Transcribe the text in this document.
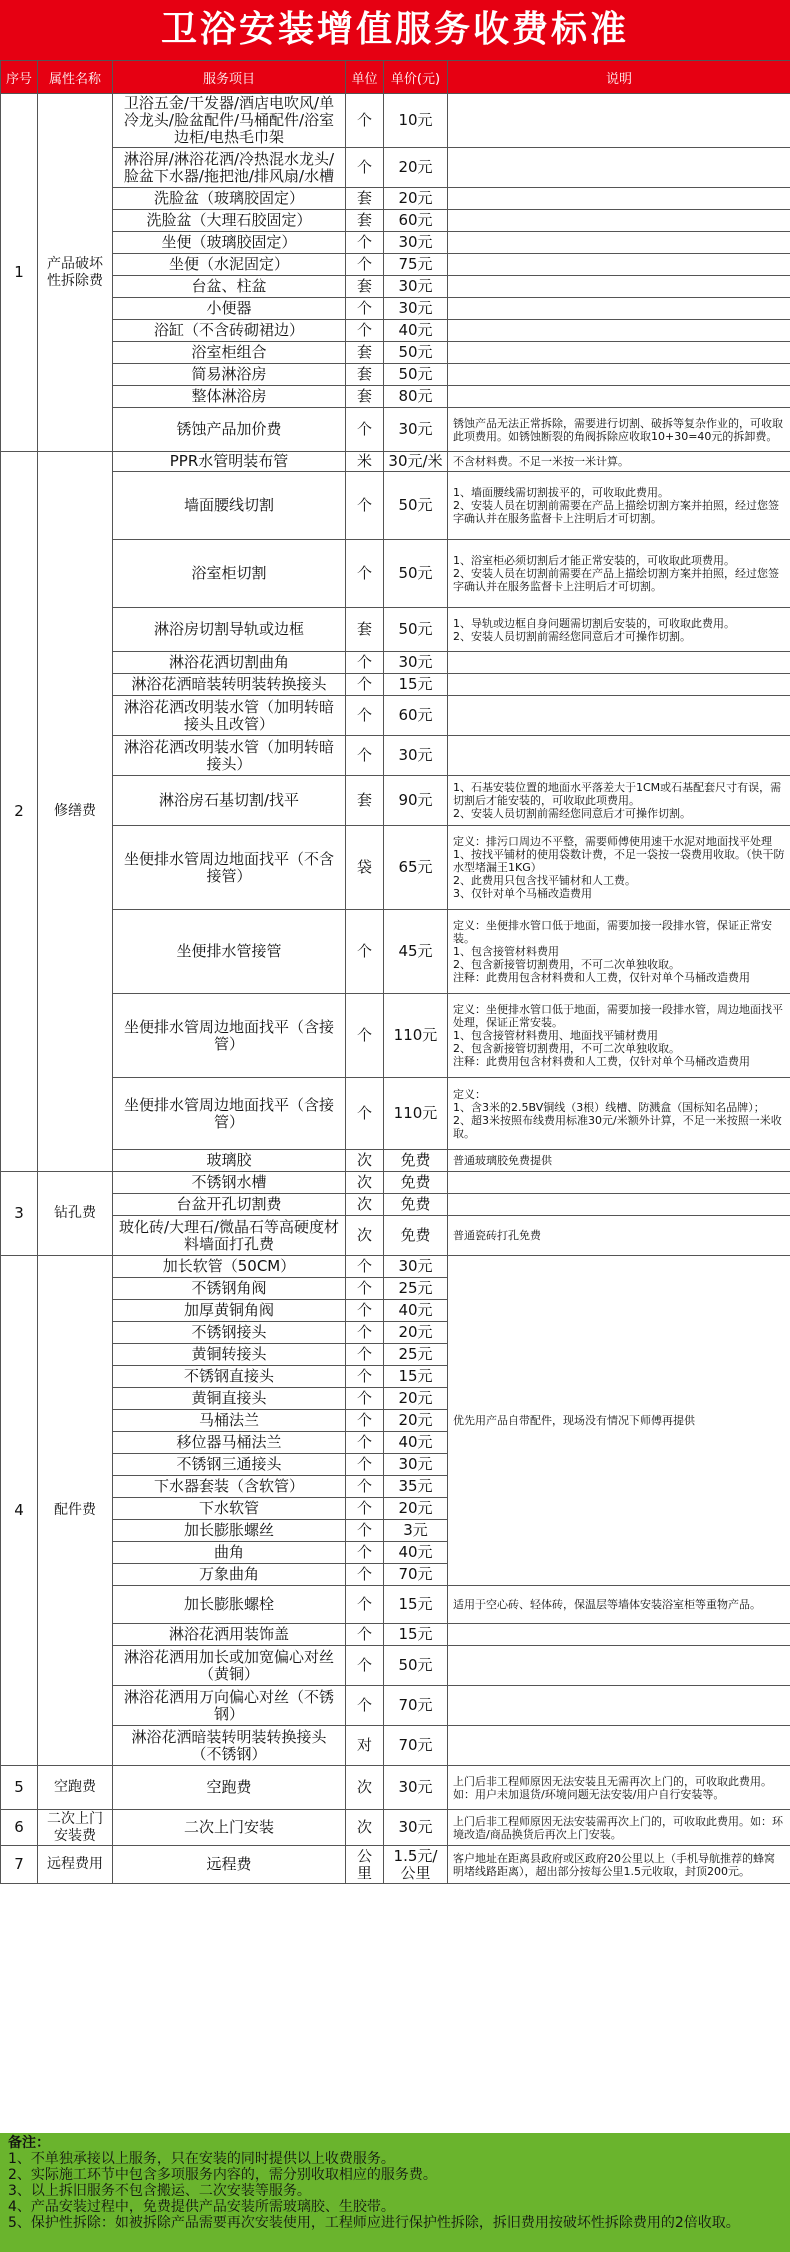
卫浴安装增值服务收费标准
序号	属性名称	服务项目	单位	单价(元)	说明
1	产品破坏性拆除费	卫浴五金/干发器/酒店电吹风/单冷龙头/脸盆配件/马桶配件/浴室边柜/电热毛巾架	个	10元	
		淋浴屏/淋浴花洒/冷热混水龙头/脸盆下水器/拖把池/排风扇/水槽	个	20元	
		洗脸盆（玻璃胶固定）	套	20元	
		洗脸盆（大理石胶固定）	套	60元	
		坐便（玻璃胶固定）	个	30元	
		坐便（水泥固定）	个	75元	
		台盆、柱盆	套	30元	
		小便器	个	30元	
		浴缸（不含砖砌裙边）	个	40元	
		浴室柜组合	套	50元	
		简易淋浴房	套	50元	
		整体淋浴房	套	80元	
		锈蚀产品加价费	个	30元	锈蚀产品无法正常拆除，需要进行切割、破拆等复杂作业的，可收取此项费用。如锈蚀断裂的角阀拆除应收取10+30=40元的拆卸费。
2	修缮费	PPR水管明装布管	米	30元/米	不含材料费。不足一米按一米计算。
		墙面腰线切割	个	50元	1、墙面腰线需切割拔平的，可收取此费用。
2、安装人员在切割前需要在产品上描绘切割方案并拍照，经过您签字确认并在服务监督卡上注明后才可切割。
		浴室柜切割	个	50元	1、浴室柜必须切割后才能正常安装的，可收取此项费用。
2、安装人员在切割前需要在产品上描绘切割方案并拍照，经过您签字确认并在服务监督卡上注明后才可切割。
		淋浴房切割导轨或边框	套	50元	1、导轨或边框自身问题需切割后安装的，可收取此费用。
2、安装人员切割前需经您同意后才可操作切割。
		淋浴花洒切割曲角	个	30元	
		淋浴花洒暗装转明装转换接头	个	15元	
		淋浴花洒改明装水管（加明转暗接头且改管）	个	60元	
		淋浴花洒改明装水管（加明转暗接头）	个	30元	
		淋浴房石基切割/找平	套	90元	1、石基安装位置的地面水平落差大于1CM或石基配套尺寸有误，需切割后才能安装的，可收取此项费用。
2、安装人员切割前需经您同意后才可操作切割。
		坐便排水管周边地面找平（不含接管）	袋	65元	定义：排污口周边不平整，需要师傅使用速干水泥对地面找平处理
1、按找平铺材的使用袋数计费，不足一袋按一袋费用收取。（快干防水型堵漏王1KG）
2、此费用只包含找平铺材和人工费。
3、仅针对单个马桶改造费用
		坐便排水管接管	个	45元	定义：坐便排水管口低于地面，需要加接一段排水管，保证正常安装。
1、包含接管材料费用
2、包含新接管切割费用，不可二次单独收取。
注释：此费用包含材料费和人工费，仅针对单个马桶改造费用
		坐便排水管周边地面找平（含接管）	个	110元	定义：坐便排水管口低于地面，需要加接一段排水管，周边地面找平处理，保证正常安装。
1、包含接管材料费用、地面找平铺材费用
2、包含新接管切割费用，不可二次单独收取。
注释：此费用包含材料费和人工费，仅针对单个马桶改造费用
		坐便排水管周边地面找平（含接管）	个	110元	定义：
1、含3米的2.5BV铜线（3根）线槽、防溅盒（国标知名品牌）；
2、超3米按照布线费用标准30元/米额外计算，不足一米按照一米收取。
		玻璃胶	次	免费	普通玻璃胶免费提供
3	钻孔费	不锈钢水槽	次	免费	
		台盆开孔切割费	次	免费	
		玻化砖/大理石/微晶石等高硬度材料墙面打孔费	次	免费	普通瓷砖打孔免费
4	配件费	加长软管（50CM）	个	30元	优先用产品自带配件，现场没有情况下师傅再提供
		不锈钢角阀	个	25元	
		加厚黄铜角阀	个	40元	
		不锈钢接头	个	20元	
		黄铜转接头	个	25元	
		不锈钢直接头	个	15元	
		黄铜直接头	个	20元	
		马桶法兰	个	20元	
		移位器马桶法兰	个	40元	
		不锈钢三通接头	个	30元	
		下水器套装（含软管）	个	35元	
		下水软管	个	20元	
		加长膨胀螺丝	个	3元	
		曲角	个	40元	
		万象曲角	个	70元	
		加长膨胀螺栓	个	15元	适用于空心砖、轻体砖，保温层等墙体安装浴室柜等重物产品。
		淋浴花洒用装饰盖	个	15元	
		淋浴花洒用加长或加宽偏心对丝（黄铜）	个	50元	
		淋浴花洒用万向偏心对丝（不锈钢）	个	70元	
		淋浴花洒暗装转明装转换接头（不锈钢）	对	70元	
5	空跑费	空跑费	次	30元	上门后非工程师原因无法安装且无需再次上门的，可收取此费用。如：用户未加退货/环境问题无法安装/用户自行安装等。
6	二次上门安装费	二次上门安装	次	30元	上门后非工程师原因无法安装需再次上门的，可收取此费用。如：环境改造/商品换货后再次上门安装。
7	远程费用	远程费	公里	1.5元/公里	客户地址在距离县政府或区政府20公里以上（手机导航推荐的蜂窝明堵线路距离），超出部分按每公里1.5元收取，封顶200元。
备注：
1、不单独承接以上服务，只在安装的同时提供以上收费服务。
2、实际施工环节中包含多项服务内容的，需分别收取相应的服务费。
3、以上拆旧服务不包含搬运、二次安装等服务。
4、产品安装过程中，免费提供产品安装所需玻璃胶、生胶带。
5、保护性拆除：如被拆除产品需要再次安装使用，工程师应进行保护性拆除，拆旧费用按破坏性拆除费用的2倍收取。
